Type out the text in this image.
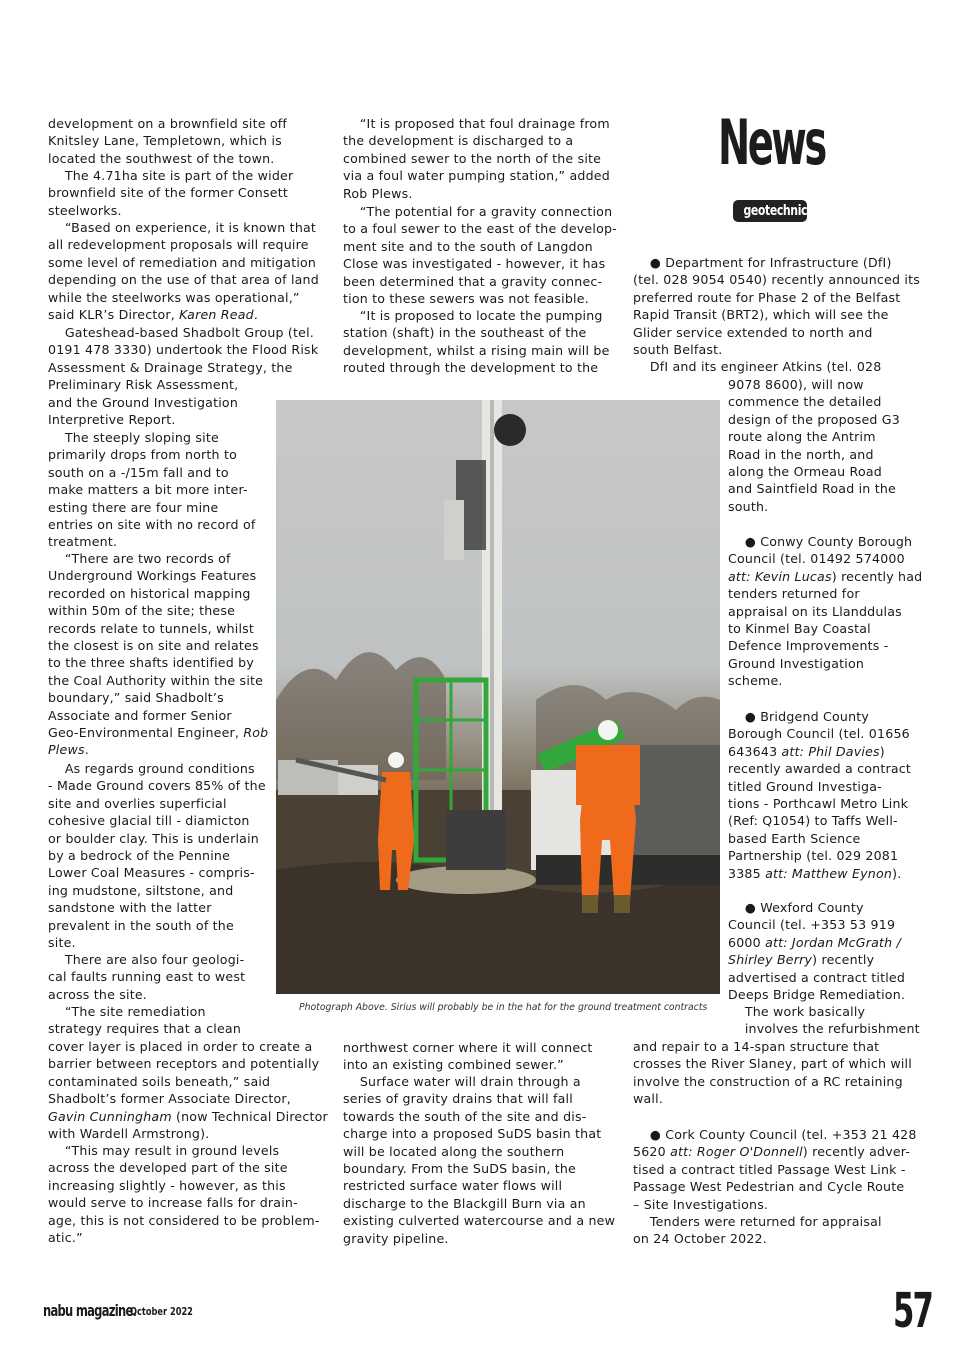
News
geotechnical

development on a brownfield site off
Knitsley Lane, Templetown, which is
located the southwest of the town.

The 4.71ha site is part of the wider
brownfield site of the former Consett
steelworks.

“Based on experience, it is known that
all redevelopment proposals will require
some level of remediation and mitigation
depending on the use of that area of land
while the steelworks was operational,”
said KLR’s Director, Karen Read.

Gateshead-based Shadbolt Group (tel.
0191 478 3330) undertook the Flood Risk
Assessment & Drainage Strategy, the
Preliminary Risk Assessment,
and the Ground Investigation
Interpretive Report.

The steeply sloping site
primarily drops from north to
south on a -/15m fall and to
make matters a bit more inter-
esting there are four mine
entries on site with no record of
treatment.

“There are two records of
Underground Workings Features
recorded on historical mapping
within 50m of the site; these
records relate to tunnels, whilst
the closest is on site and relates
to the three shafts identified by
the Coal Authority within the site
boundary,” said Shadbolt’s
Associate and former Senior
Geo-Environmental Engineer, Rob
Plews.

As regards ground conditions
- Made Ground covers 85% of the
site and overlies superficial
cohesive glacial till - diamicton
or boulder clay. This is underlain
by a bedrock of the Pennine
Lower Coal Measures - compris-
ing mudstone, siltstone, and
sandstone with the latter
prevalent in the south of the
site.

There are also four geologi-
cal faults running east to west
across the site.

“The site remediation
strategy requires that a clean

cover layer is placed in order to create a
barrier between receptors and potentially
contaminated soils beneath,” said
Shadbolt’s former Associate Director,
Gavin Cunningham (now Technical Director
with Wardell Armstrong).

“This may result in ground levels
across the developed part of the site
increasing slightly - however, as this
would serve to increase falls for drain-
age, this is not considered to be problem-
atic.”

“It is proposed that foul drainage from
the development is discharged to a
combined sewer to the north of the site
via a foul water pumping station,” added
Rob Plews.

“The potential for a gravity connection
to a foul sewer to the east of the develop-
ment site and to the south of Langdon
Close was investigated - however, it has
been determined that a gravity connec-
tion to these sewers was not feasible.

“It is proposed to locate the pumping
station (shaft) in the southeast of the
development, whilst a rising main will be
routed through the development to the

northwest corner where it will connect
into an existing combined sewer.”

Surface water will drain through a
series of gravity drains that will fall
towards the south of the site and dis-
charge into a proposed SuDS basin that
will be located along the southern
boundary. From the SuDS basin, the
restricted surface water flows will
discharge to the Blackgill Burn via an
existing culverted watercourse and a new
gravity pipeline.

● Department for Infrastructure (DfI)
(tel. 028 9054 0540) recently announced its
preferred route for Phase 2 of the Belfast
Rapid Transit (BRT2), which will see the
Glider service extended to north and
south Belfast.

DfI and its engineer Atkins (tel. 028

9078 8600), will now
commence the detailed
design of the proposed G3
route along the Antrim
Road in the north, and
along the Ormeau Road
and Saintfield Road in the
south.

● Conwy County Borough
Council (tel. 01492 574000
att: Kevin Lucas) recently had
tenders returned for
appraisal on its Llanddulas
to Kinmel Bay Coastal
Defence Improvements -
Ground Investigation
scheme.

● Bridgend County
Borough Council (tel. 01656
643643 att: Phil Davies)
recently awarded a contract
titled Ground Investiga-
tions - Porthcawl Metro Link
(Ref: Q1054) to Taffs Well-
based Earth Science
Partnership (tel. 029 2081
3385 att: Matthew Eynon).

● Wexford County
Council (tel. +353 53 919
6000 att: Jordan McGrath /
Shirley Berry) recently
advertised a contract titled
Deeps Bridge Remediation.

The work basically
involves the refurbishment

and repair to a 14-span structure that
crosses the River Slaney, part of which will
involve the construction of a RC retaining
wall.

● Cork County Council (tel. +353 21 428
5620 att: Roger O'Donnell) recently adver-
tised a contract titled Passage West Link -
Passage West Pedestrian and Cycle Route
– Site Investigations.

Tenders were returned for appraisal
on 24 October 2022.

Photograph Above. Sirius will probably be in the hat for the ground treatment contracts

nabu magazine.

October 2022	57
